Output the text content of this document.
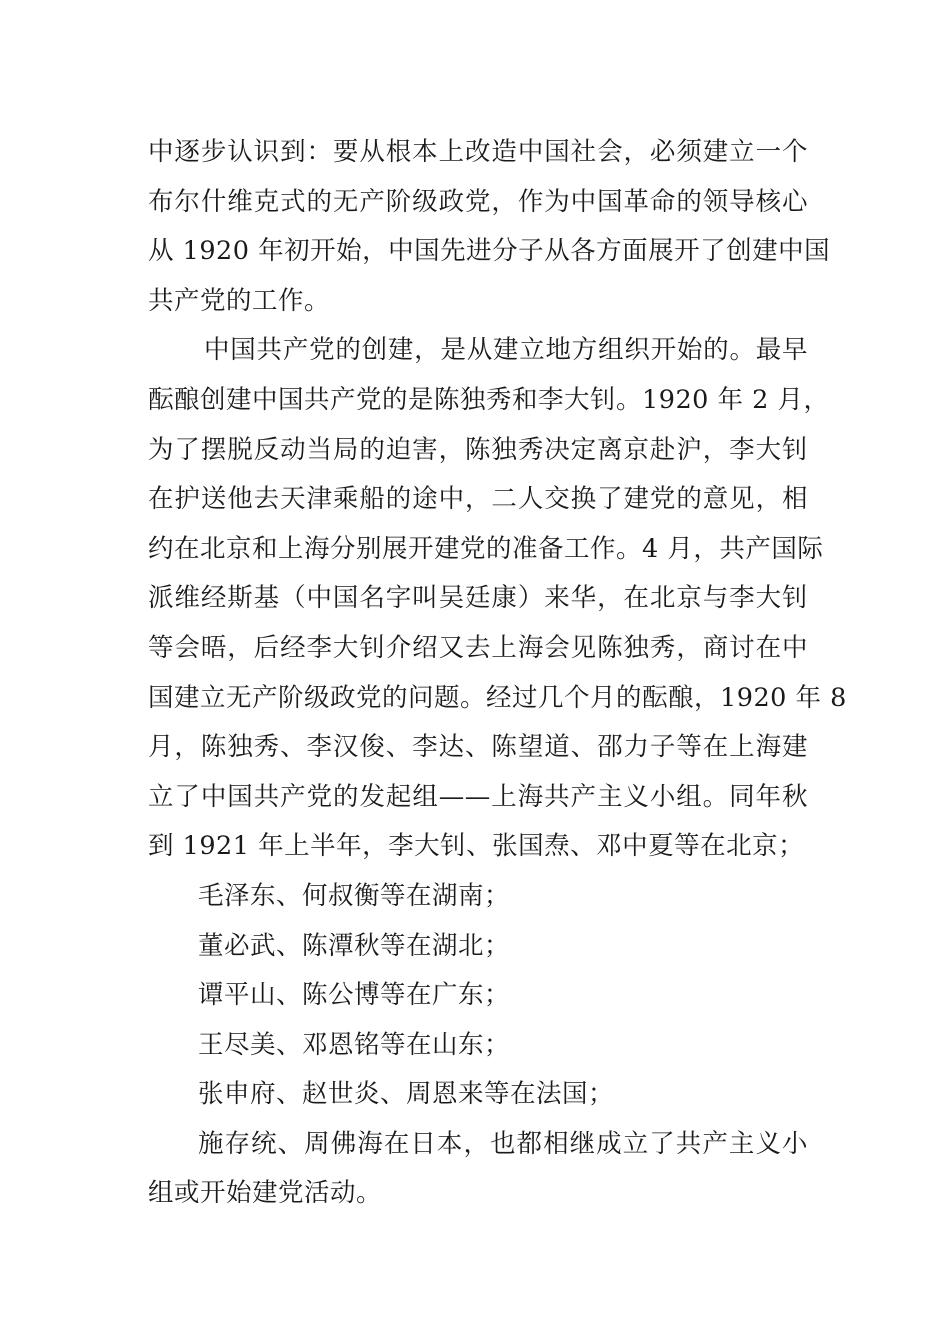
中逐步认识到：要从根本上改造中国社会，必须建立一个
布尔什维克式的无产阶级政党，作为中国革命的领导核心
从 1920 年初开始，中国先进分子从各方面展开了创建中国
共产党的工作。
中国共产党的创建，是从建立地方组织开始的。最早
酝酿创建中国共产党的是陈独秀和李大钊。1920 年 2 月，
为了摆脱反动当局的迫害，陈独秀决定离京赴沪，李大钊
在护送他去天津乘船的途中，二人交换了建党的意见，相
约在北京和上海分别展开建党的准备工作。4 月，共产国际
派维经斯基（中国名字叫吴廷康）来华，在北京与李大钊
等会晤，后经李大钊介绍又去上海会见陈独秀，商讨在中
国建立无产阶级政党的问题。经过几个月的酝酿，1920 年 8
月，陈独秀、李汉俊、李达、陈望道、邵力子等在上海建
立了中国共产党的发起组——上海共产主义小组。同年秋
到 1921 年上半年，李大钊、张国焘、邓中夏等在北京；
毛泽东、何叔衡等在湖南；
董必武、陈潭秋等在湖北；
谭平山、陈公博等在广东；
王尽美、邓恩铭等在山东；
张申府、赵世炎、周恩来等在法国；
施存统、周佛海在日本，也都相继成立了共产主义小
组或开始建党活动。
